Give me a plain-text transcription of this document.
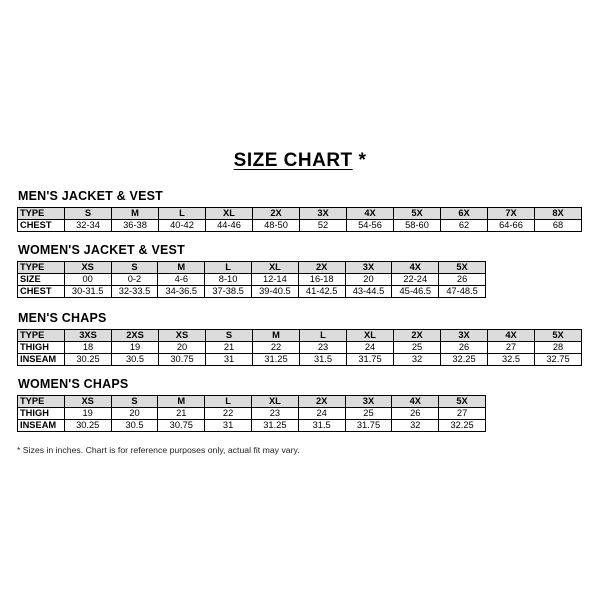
SIZE CHART *
MEN'S JACKET & VEST
TYPE	S	M	L	XL	2X	3X	4X	5X	6X	7X	8X
CHEST	32-34	36-38	40-42	44-46	48-50	52	54-56	58-60	62	64-66	68
WOMEN'S JACKET & VEST
TYPE	XS	S	M	L	XL	2X	3X	4X	5X
SIZE	00	0-2	4-6	8-10	12-14	16-18	20	22-24	26
CHEST	30-31.5	32-33.5	34-36.5	37-38.5	39-40.5	41-42.5	43-44.5	45-46.5	47-48.5
MEN'S CHAPS
TYPE	3XS	2XS	XS	S	M	L	XL	2X	3X	4X	5X
THIGH	18	19	20	21	22	23	24	25	26	27	28
INSEAM	30.25	30.5	30.75	31	31.25	31.5	31.75	32	32.25	32.5	32.75
WOMEN'S CHAPS
TYPE	XS	S	M	L	XL	2X	3X	4X	5X
THIGH	19	20	21	22	23	24	25	26	27
INSEAM	30.25	30.5	30.75	31	31.25	31.5	31.75	32	32.25
* Sizes in inches. Chart is for reference purposes only, actual fit may vary.
